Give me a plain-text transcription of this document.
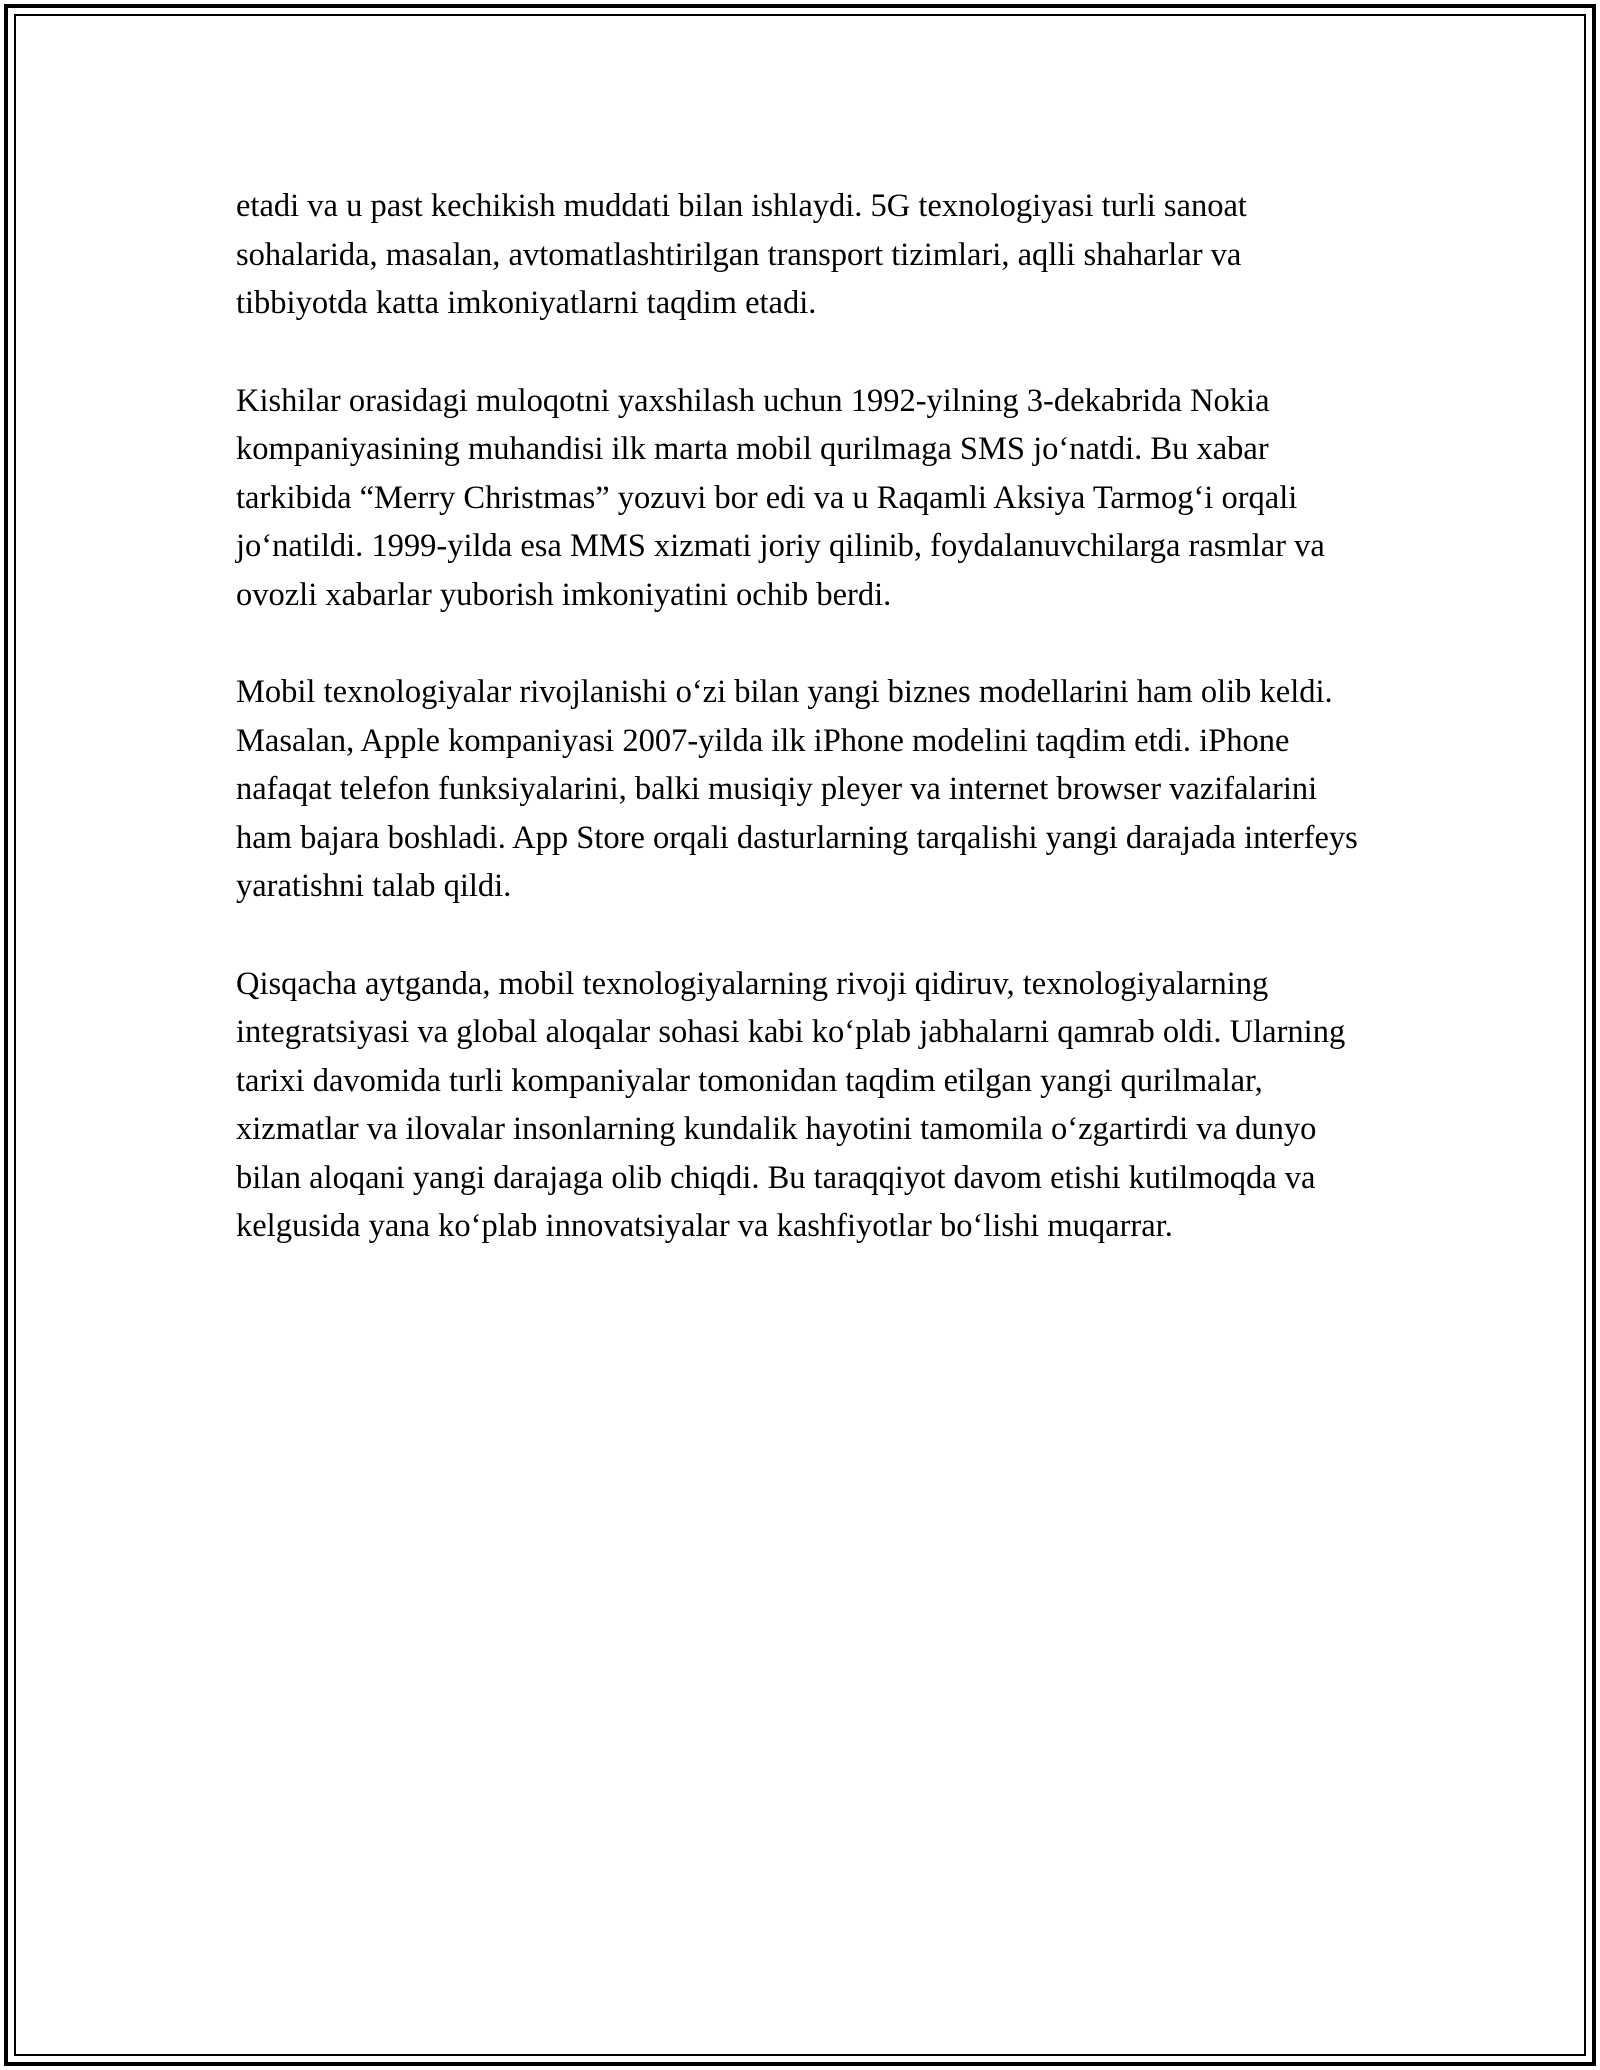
etadi va u past kechikish muddati bilan ishlaydi. 5G texnologiyasi turli sanoat sohalarida, masalan, avtomatlashtirilgan transport tizimlari, aqlli shaharlar va tibbiyotda katta imkoniyatlarni taqdim etadi.

Kishilar orasidagi muloqotni yaxshilash uchun 1992-yilning 3-dekabrida Nokia kompaniyasining muhandisi ilk marta mobil qurilmaga SMS jo‘natdi. Bu xabar tarkibida “Merry Christmas” yozuvi bor edi va u Raqamli Aksiya Tarmog‘i orqali jo‘natildi. 1999-yilda esa MMS xizmati joriy qilinib, foydalanuvchilarga rasmlar va ovozli xabarlar yuborish imkoniyatini ochib berdi.

Mobil texnologiyalar rivojlanishi o‘zi bilan yangi biznes modellarini ham olib keldi. Masalan, Apple kompaniyasi 2007-yilda ilk iPhone modelini taqdim etdi. iPhone nafaqat telefon funksiyalarini, balki musiqiy pleyer va internet browser vazifalarini ham bajara boshladi. App Store orqali dasturlarning tarqalishi yangi darajada interfeys yaratishni talab qildi.

Qisqacha aytganda, mobil texnologiyalarning rivoji qidiruv, texnologiyalarning integratsiyasi va global aloqalar sohasi kabi ko‘plab jabhalarni qamrab oldi. Ularning tarixi davomida turli kompaniyalar tomonidan taqdim etilgan yangi qurilmalar, xizmatlar va ilovalar insonlarning kundalik hayotini tamomila o‘zgartirdi va dunyo bilan aloqani yangi darajaga olib chiqdi. Bu taraqqiyot davom etishi kutilmoqda va kelgusida yana ko‘plab innovatsiyalar va kashfiyotlar bo‘lishi muqarrar.
